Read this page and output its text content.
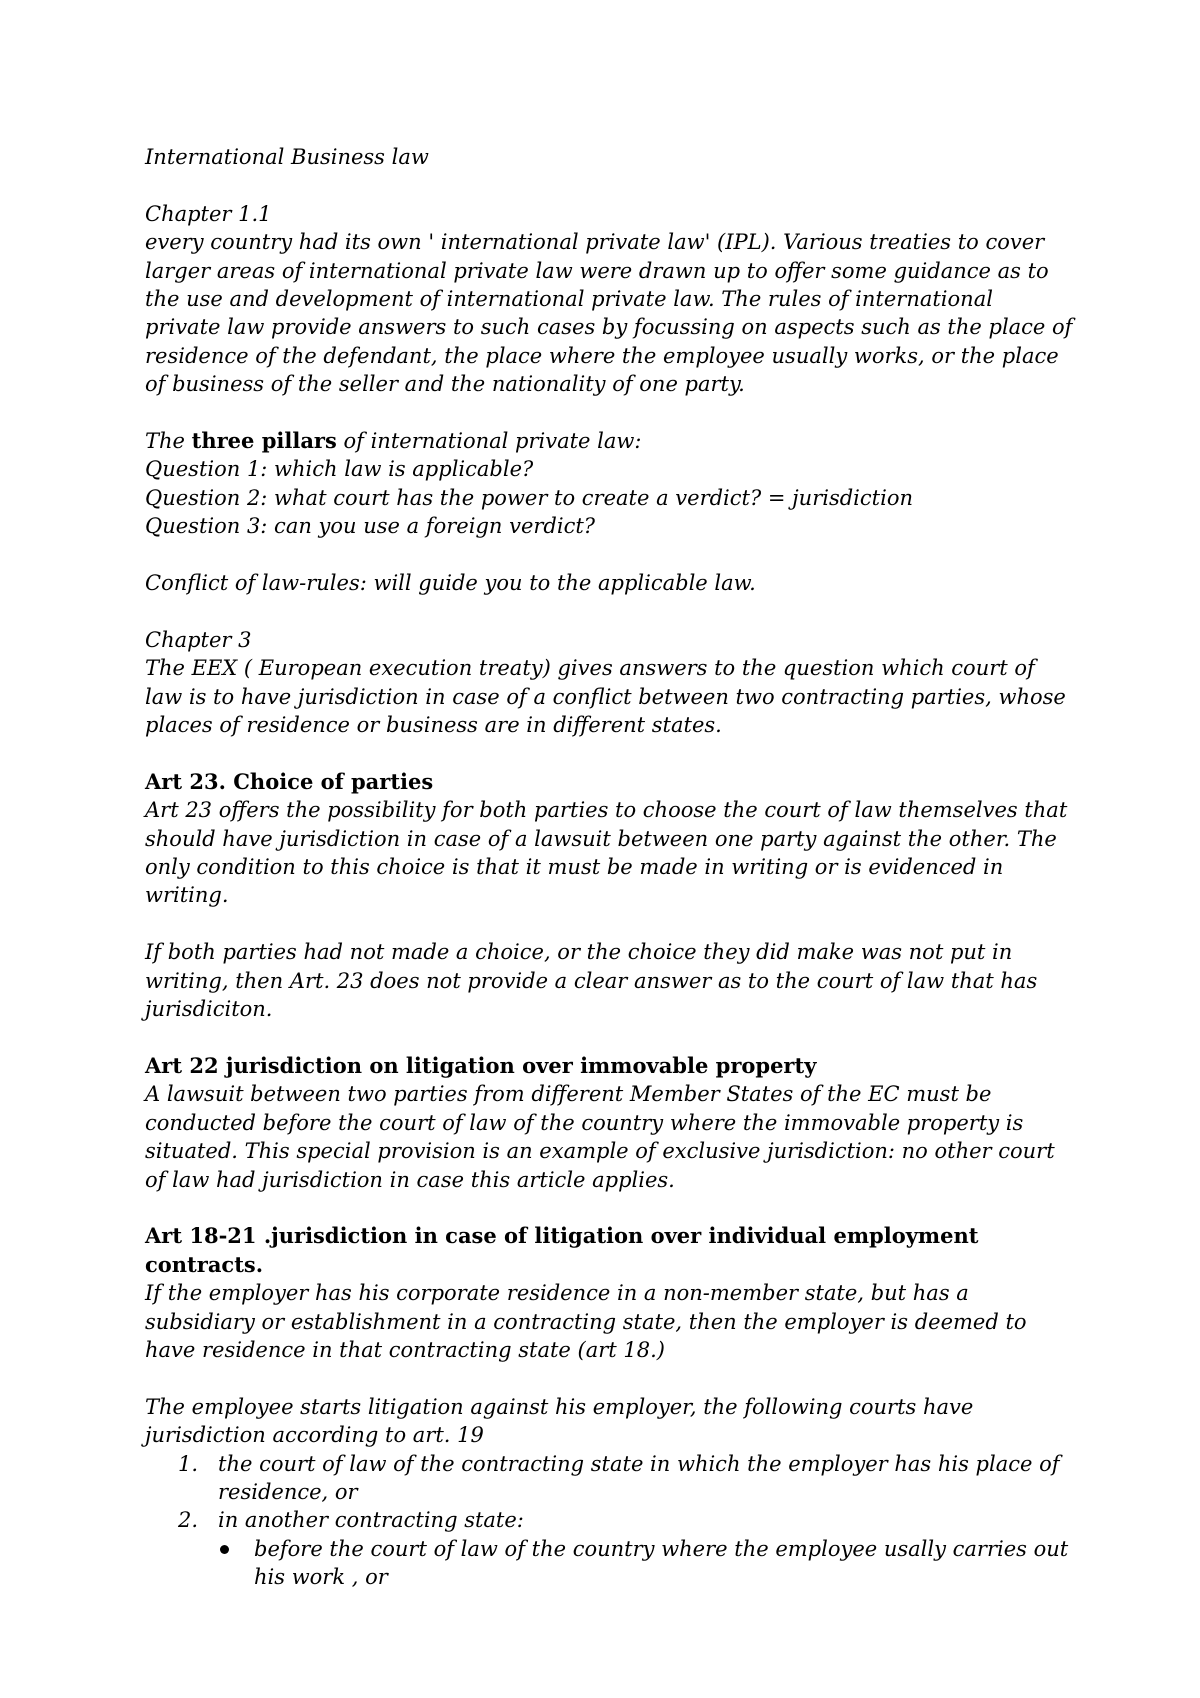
International Business law

Chapter 1.1

every country had its own ' international private law' (IPL). Various treaties to cover larger areas of international private law were drawn up to offer some guidance as to the use and development of international private law. The rules of international private law provide answers to such cases by focussing on aspects such as the place of residence of the defendant, the place where the employee usually works, or the place of business of the seller and the nationality of one party.

The three pillars of international private law:

Question 1: which law is applicable?

Question 2: what court has the power to create a verdict? = jurisdiction

Question 3: can you use a foreign verdict?

Conflict of law-rules: will guide you to the applicable law.

Chapter 3

The EEX ( European execution treaty) gives answers to the question which court of law is to have jurisdiction in case of a conflict between two contracting parties, whose places of residence or business are in different states.

Art 23. Choice of parties

Art 23 offers the possibility for both parties to choose the court of law themselves that should have jurisdiction in case of a lawsuit between one party against the other. The only condition to this choice is that it must be made in writing or is evidenced in writing.

If both parties had not made a choice, or the choice they did make was not put in writing, then Art. 23 does not provide a clear answer as to the court of law that has jurisdiciton.

Art 22 jurisdiction on litigation over immovable property

A lawsuit between two parties from different Member States of the EC must be conducted before the court of law of the country where the immovable property is situated. This special provision is an example of exclusive jurisdiction: no other court of law had jurisdiction in case this article applies.

Art 18-21 .jurisdiction in case of litigation over individual employment contracts.

If the employer has his corporate residence in a non-member state, but has a subsidiary or establishment in a contracting state, then the employer is deemed to have residence in that contracting state (art 18.)

The employee starts litigation against his employer, the following courts have jurisdiction according to art. 19

1. the court of law of the contracting state in which the employer has his place of residence, or
2. in another contracting state:
before the court of law of the country where the employee usally carries out his work , or
